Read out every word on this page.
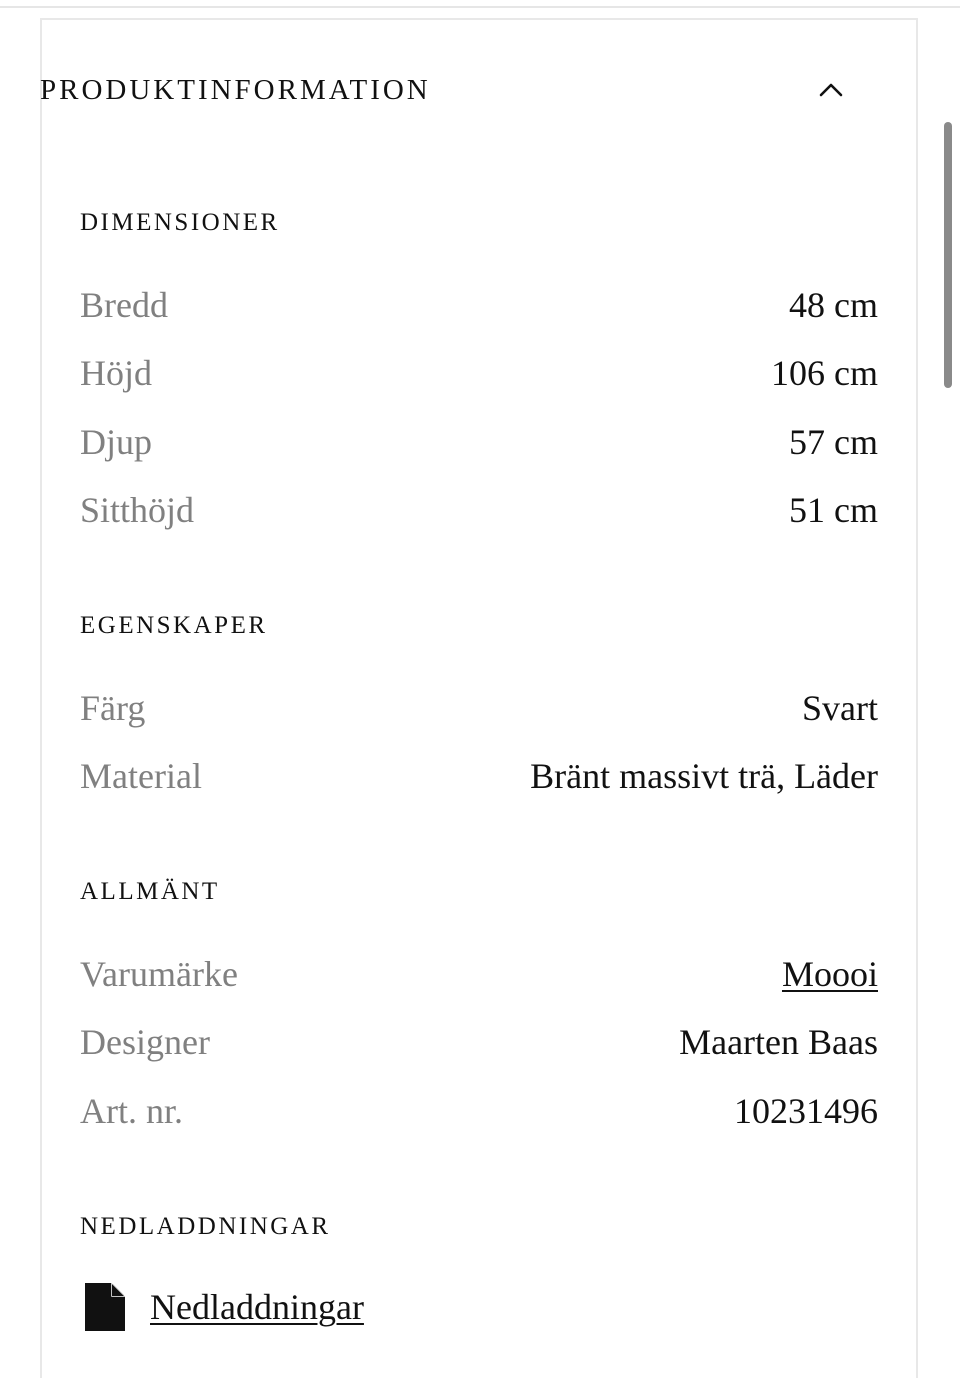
PRODUKTINFORMATION
DIMENSIONER
Bredd	48 cm
Höjd	106 cm
Djup	57 cm
Sitthöjd	51 cm
EGENSKAPER
Färg	Svart
Material	Bränt massivt trä, Läder
ALLMÄNT
Varumärke	Moooi
Designer	Maarten Baas
Art. nr.	10231496
NEDLADDNINGAR
Nedladdningar
